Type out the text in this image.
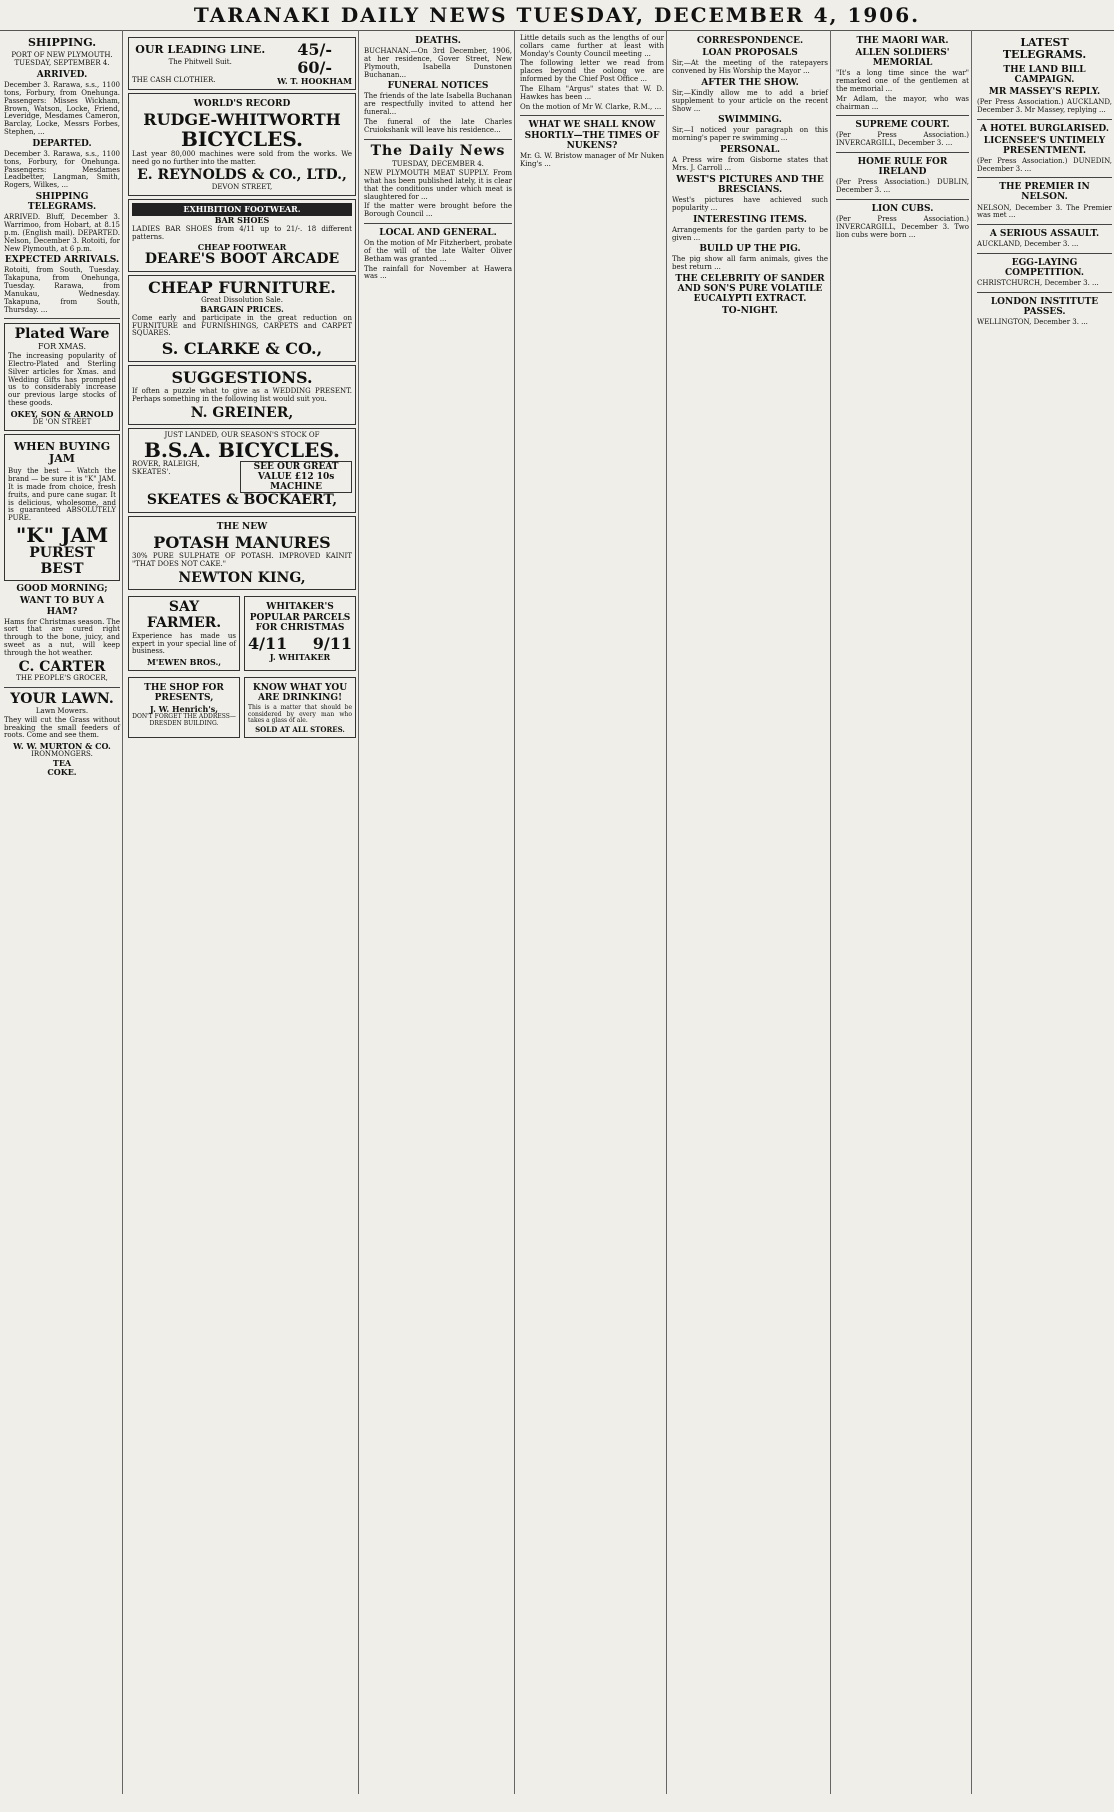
TARANAKI DAILY NEWS TUESDAY, DECEMBER 4, 1906.
SHIPPING.
PORT OF NEW PLYMOUTH.
TUESDAY, SEPTEMBER 4.
ARRIVED.
December 3. Rarawa, s.s., 1100 tons, Forbury, from Onehunga. Passengers: Misses Wickham, Brown, Watson, Locke, Friend, Leveridge, Mesdames Cameron, Barclay, Locke, Messrs Forbes, Stephen, ...
DEPARTED.
December 3. Rarawa, s.s., 1100 tons, Forbury, for Onehunga. Passengers: Mesdames Leadbetter, Langman, Smith, Rogers, Wilkes, ...
SHIPPING TELEGRAMS.
ARRIVED. Bluff, December 3. Warrimoo, from Hobart, at 8.15 p.m. (English mail). DEPARTED. Nelson, December 3. Rotoiti, for New Plymouth, at 6 p.m.
EXPECTED ARRIVALS.
Rotoiti, from South, Tuesday. Takapuna, from Onehunga, Tuesday. Rarawa, from Manukau, Wednesday. Takapuna, from South, Thursday. ...
Plated Ware
FOR XMAS.
The increasing popularity of Electro-Plated and Sterling Silver articles for Xmas. and Wedding Gifts has prompted us to considerably increase our previous large stocks of these goods.
OKEY, SON & ARNOLD
DE 'ON STREET
WHEN BUYING JAM
Buy the best — Watch the brand — be sure it is "K" JAM. It is made from choice, fresh fruits, and pure cane sugar. It is delicious, wholesome, and is guaranteed ABSOLUTELY PURE.
"K" JAM
PUREST BEST
GOOD MORNING;
WANT TO BUY A HAM?
Hams for Christmas season. The sort that are cured right through to the bone, juicy, and sweet as a nut, will keep through the hot weather.
C. CARTER
THE PEOPLE'S GROCER,
YOUR LAWN.
Lawn Mowers.
They will cut the Grass without breaking the small feeders of roots. Come and see them.
W. W. MURTON & CO.
IRONMONGERS.
TEA
COKE.
OUR LEADING LINE.
The Phitwell Suit.
45/-
60/-
THE CASH CLOTHIER.	W. T. HOOKHAM
WORLD'S RECORD
RUDGE-WHITWORTH
BICYCLES.
Last year 80,000 machines were sold from the works. We need go no further into the matter.
E. REYNOLDS & CO., LTD.,
DEVON STREET,
EXHIBITION FOOTWEAR.
BAR SHOES
LADIES BAR SHOES from 4/11 up to 21/-. 18 different patterns.
CHEAP FOOTWEAR
DEARE'S BOOT ARCADE
CHEAP FURNITURE.
Great Dissolution Sale.
BARGAIN PRICES.
Come early and participate in the great reduction on FURNITURE and FURNISHINGS, CARPETS and CARPET SQUARES.
S. CLARKE & CO.,
SUGGESTIONS.
If often a puzzle what to give as a WEDDING PRESENT. Perhaps something in the following list would suit you.
N. GREINER,
JUST LANDED, OUR SEASON'S STOCK OF
B.S.A. BICYCLES.
ROVER, RALEIGH, SKEATES'.	SEE OUR GREAT VALUE £12 10s MACHINE
SKEATES & BOCKAERT,
THE NEW
POTASH MANURES
30% PURE SULPHATE OF POTASH. IMPROVED KAINIT "THAT DOES NOT CAKE."
NEWTON KING,
SAY FARMER.
Experience has made us expert in your special line of business.
M'EWEN BROS.,
WHITAKER'S POPULAR PARCELS FOR CHRISTMAS
4/11 9/11
J. WHITAKER
THE SHOP FOR PRESENTS,
J. W. Henrich's,
DON'T FORGET THE ADDRESS—DRESDEN BUILDING.
KNOW WHAT YOU ARE DRINKING!
This is a matter that should be considered by every man who takes a glass of ale.
SOLD AT ALL STORES.
DEATHS.
BUCHANAN.—On 3rd December, 1906, at her residence, Gover Street, New Plymouth, Isabella Dunstonen Buchanan...
FUNERAL NOTICES
The friends of the late Isabella Buchanan are respectfully invited to attend her funeral...
The funeral of the late Charles Cruiokshank will leave his residence...
The Daily News
TUESDAY, DECEMBER 4.
NEW PLYMOUTH MEAT SUPPLY. From what has been published lately, it is clear that the conditions under which meat is slaughtered for ...
If the matter were brought before the Borough Council ...
LOCAL AND GENERAL.
On the motion of Mr Fitzherbert, probate of the will of the late Walter Oliver Betham was granted ...
The rainfall for November at Hawera was ...
Little details such as the lengths of our collars came further at least with Monday's County Council meeting ...
The following letter we read from places beyond the oolong we are informed by the Chief Post Office ...
The Elham "Argus" states that W. D. Hawkes has been ...
On the motion of Mr W. Clarke, R.M., ...
WHAT WE SHALL KNOW SHORTLY—THE TIMES OF NUKENS?
Mr. G. W. Bristow manager of Mr Nuken King's ...
CORRESPONDENCE.
LOAN PROPOSALS
Sir,—At the meeting of the ratepayers convened by His Worship the Mayor ...
AFTER THE SHOW.
Sir,—Kindly allow me to add a brief supplement to your article on the recent Show ...
SWIMMING.
Sir,—I noticed your paragraph on this morning's paper re swimming ...
PERSONAL.
A Press wire from Gisborne states that Mrs. J. Carroll ...
WEST'S PICTURES AND THE BRESCIANS.
West's pictures have achieved such popularity ...
INTERESTING ITEMS.
Arrangements for the garden party to be given ...
BUILD UP THE PIG.
The pig show all farm animals, gives the best return ...
THE CELEBRITY OF SANDER AND SON'S PURE VOLATILE EUCALYPTI EXTRACT.
TO-NIGHT.
THE MAORI WAR.
ALLEN SOLDIERS' MEMORIAL
"It's a long time since the war" remarked one of the gentlemen at the memorial ...
Mr Adlam, the mayor, who was chairman ...
SUPREME COURT.
(Per Press Association.) INVERCARGILL, December 3. ...
HOME RULE FOR IRELAND
(Per Press Association.) DUBLIN, December 3. ...
LION CUBS.
(Per Press Association.) INVERCARGILL, December 3. Two lion cubs were born ...
LATEST TELEGRAMS.
THE LAND BILL CAMPAIGN.
MR MASSEY'S REPLY.
(Per Press Association.) AUCKLAND, December 3. Mr Massey, replying ...
A HOTEL BURGLARISED.
LICENSEE'S UNTIMELY PRESENTMENT.
(Per Press Association.) DUNEDIN, December 3. ...
THE PREMIER IN NELSON.
NELSON, December 3. The Premier was met ...
A SERIOUS ASSAULT.
AUCKLAND, December 3. ...
EGG-LAYING COMPETITION.
CHRISTCHURCH, December 3. ...
LONDON INSTITUTE PASSES.
WELLINGTON, December 3. ...
